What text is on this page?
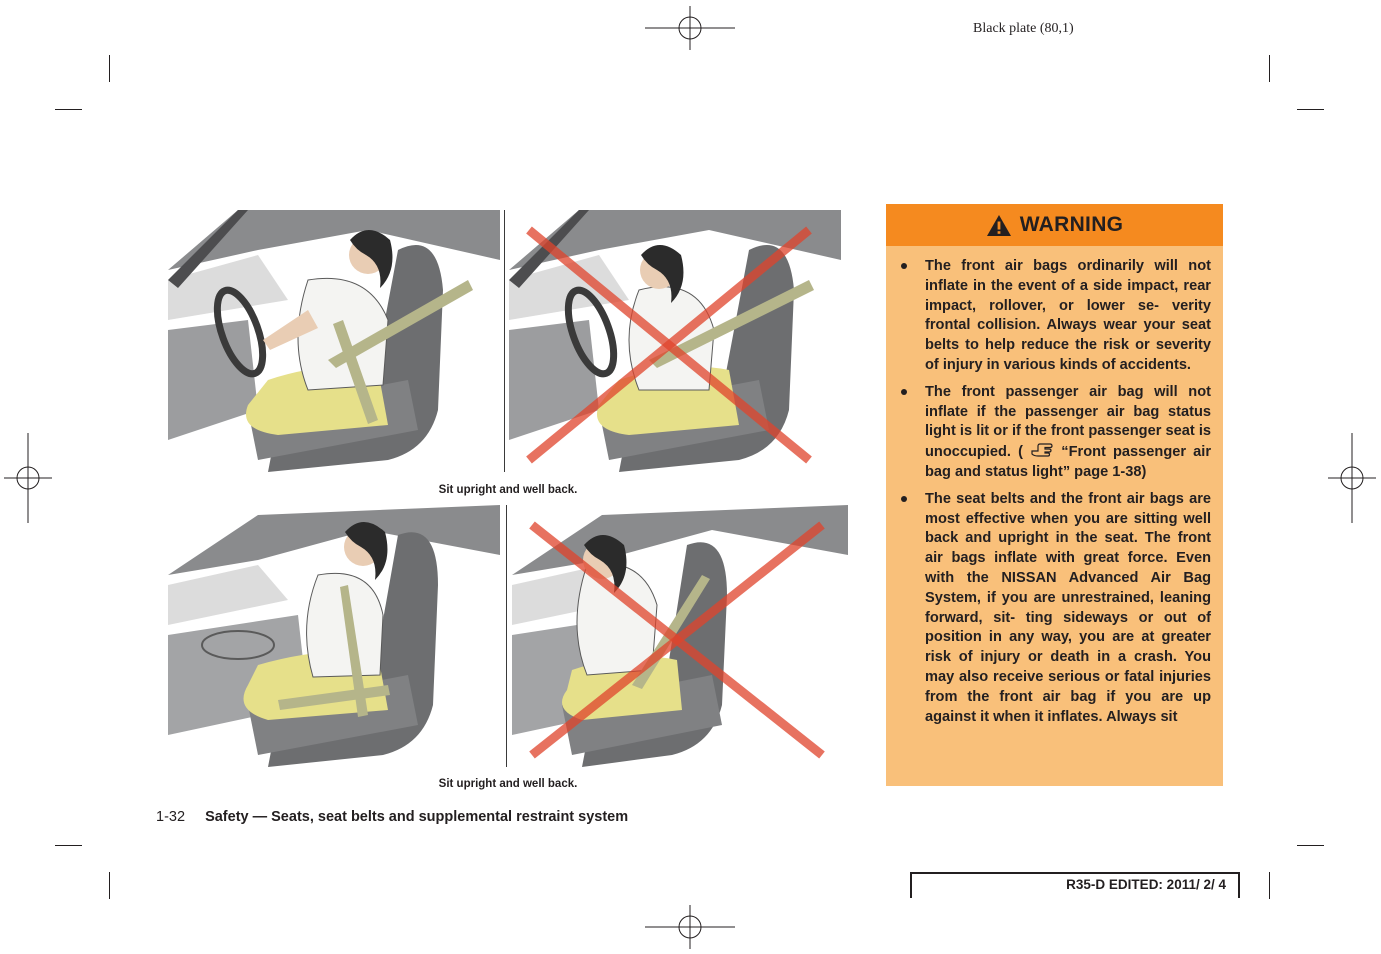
Black plate (80,1)
Sit upright and well back.
Sit upright and well back.
WARNING
The front air bags ordinarily will not inflate in the event of a side impact, rear impact, rollover, or lower se- verity frontal collision. Always wear your seat belts to help reduce the risk or severity of injury in various kinds of accidents.
The front passenger air bag will not inflate if the passenger air bag status light is lit or if the front passenger seat is unoccupied. (	“Front passenger air bag and status light” page 1-38)
The seat belts and the front air bags are most effective when you are sitting well back and upright in the seat. The front air bags inflate with great force. Even with the NISSAN Advanced Air Bag System, if you are unrestrained, leaning forward, sit- ting sideways or out of position in any way, you are at greater risk of injury or death in a crash. You may also receive serious or fatal injuries from the front air bag if you are up against it when it inflates. Always sit
1-32 Safety — Seats, seat belts and supplemental restraint system
R35-D EDITED: 2011/ 2/ 4
